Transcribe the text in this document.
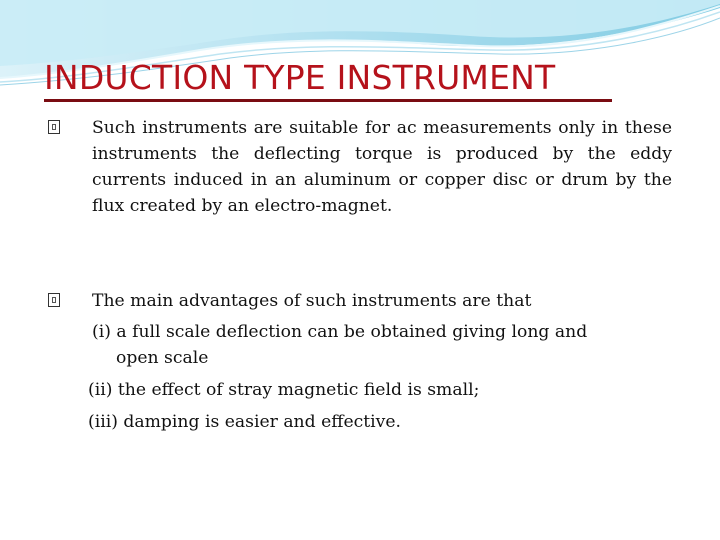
INDUCTION TYPE INSTRUMENT
Such instruments are suitable for ac measurements only in these instruments the deflecting torque is produced by the eddy currents induced in an aluminum or copper disc or drum by the flux created by an electro-magnet.
The main advantages of such instruments are that
(i) a full scale deflection can be obtained giving long and
open scale
(ii) the effect of stray magnetic field is small;
(iii) damping is easier and effective.
